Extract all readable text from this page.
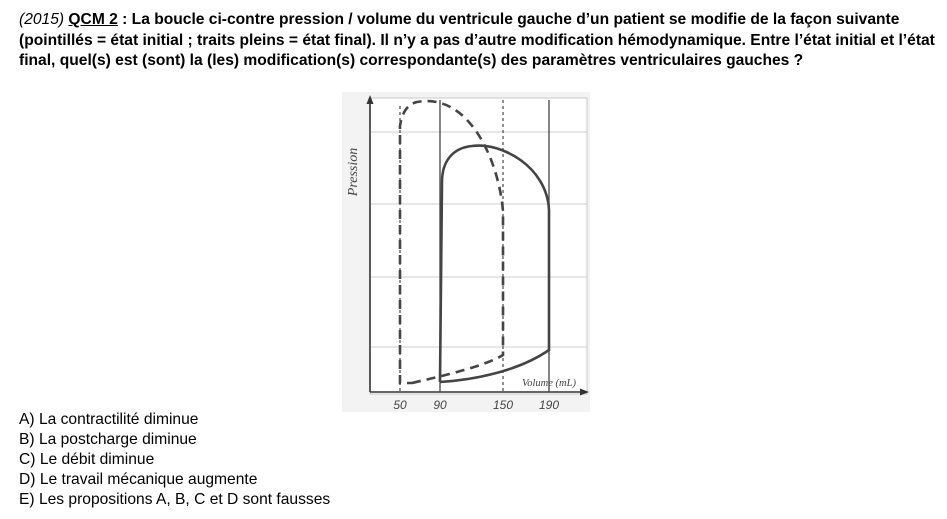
(2015) QCM 2 : La boucle ci-contre pression / volume du ventricule gauche d’un patient se modifie de la façon suivante (pointillés = état initial ; traits pleins = état final). Il n’y a pas d’autre modification hémodynamique. Entre l’état initial et l’état final, quel(s) est (sont) la (les) modification(s) correspondante(s) des paramètres ventriculaires gauches ?
Pression
Volume (mL)
50 90	150 190
A) La contractilité diminue
B) La postcharge diminue
C) Le débit diminue
D) Le travail mécanique augmente
E) Les propositions A, B, C et D sont fausses
